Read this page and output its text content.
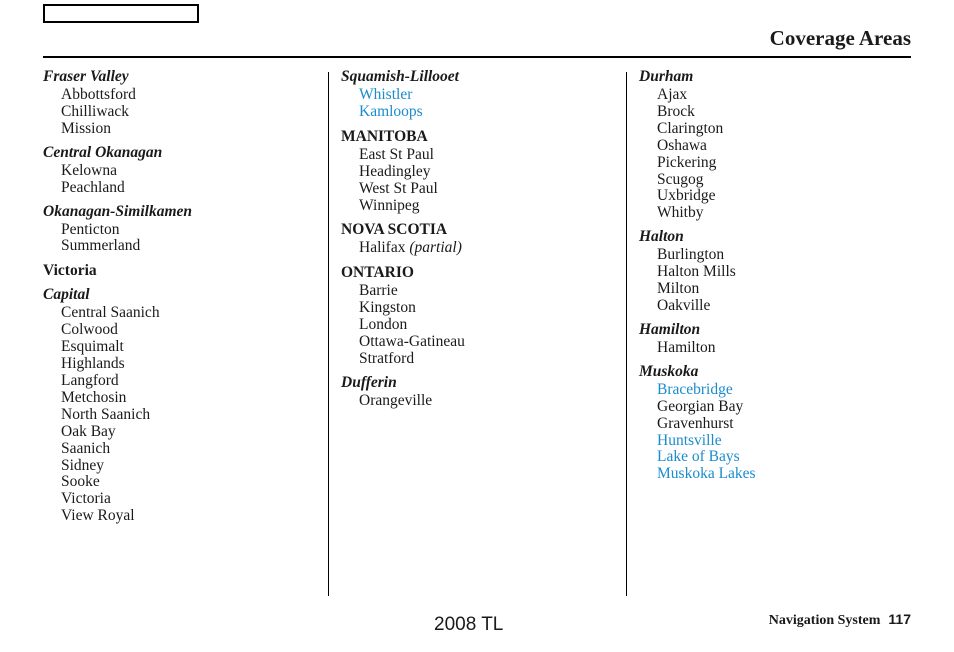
Coverage Areas
Fraser Valley
Abbottsford
Chilliwack
Mission
Central Okanagan
Kelowna
Peachland
Okanagan-Similkamen
Penticton
Summerland
Victoria
Capital
Central Saanich
Colwood
Esquimalt
Highlands
Langford
Metchosin
North Saanich
Oak Bay
Saanich
Sidney
Sooke
Victoria
View Royal
Squamish-Lillooet
Whistler
Kamloops
MANITOBA
East St Paul
Headingley
West St Paul
Winnipeg
NOVA SCOTIA
Halifax (partial)
ONTARIO
Barrie
Kingston
London
Ottawa-Gatineau
Stratford
Dufferin
Orangeville
Durham
Ajax
Brock
Clarington
Oshawa
Pickering
Scugog
Uxbridge
Whitby
Halton
Burlington
Halton Mills
Milton
Oakville
Hamilton
Hamilton
Muskoka
Bracebridge
Georgian Bay
Gravenhurst
Huntsville
Lake of Bays
Muskoka Lakes
2008 TL	Navigation System 117
